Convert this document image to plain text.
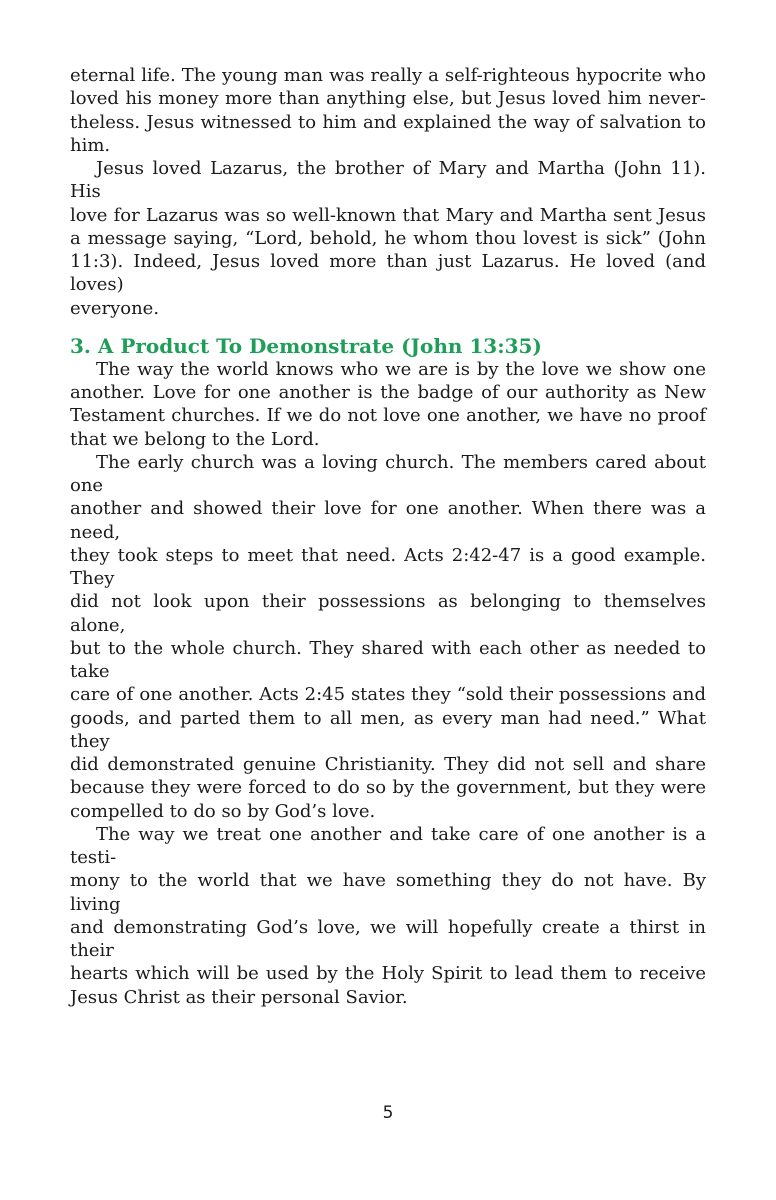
eternal life. The young man was really a self-righteous hypocrite who
loved his money more than anything else, but Jesus loved him never-
theless. Jesus witnessed to him and explained the way of salvation to
him.
Jesus loved Lazarus, the brother of Mary and Martha (John 11). His
love for Lazarus was so well-known that Mary and Martha sent Jesus
a message saying, “Lord, behold, he whom thou lovest is sick” (John
11:3). Indeed, Jesus loved more than just Lazarus. He loved (and loves)
everyone.
3. A Product To Demonstrate (John 13:35)
The way the world knows who we are is by the love we show one
another. Love for one another is the badge of our authority as New
Testament churches. If we do not love one another, we have no proof
that we belong to the Lord.
The early church was a loving church. The members cared about one
another and showed their love for one another. When there was a need,
they took steps to meet that need. Acts 2:42-47 is a good example. They
did not look upon their possessions as belonging to themselves alone,
but to the whole church. They shared with each other as needed to take
care of one another. Acts 2:45 states they “sold their possessions and
goods, and parted them to all men, as every man had need.” What they
did demonstrated genuine Christianity. They did not sell and share
because they were forced to do so by the government, but they were
compelled to do so by God’s love.
The way we treat one another and take care of one another is a testi-
mony to the world that we have something they do not have. By living
and demonstrating God’s love, we will hopefully create a thirst in their
hearts which will be used by the Holy Spirit to lead them to receive
Jesus Christ as their personal Savior.
5
